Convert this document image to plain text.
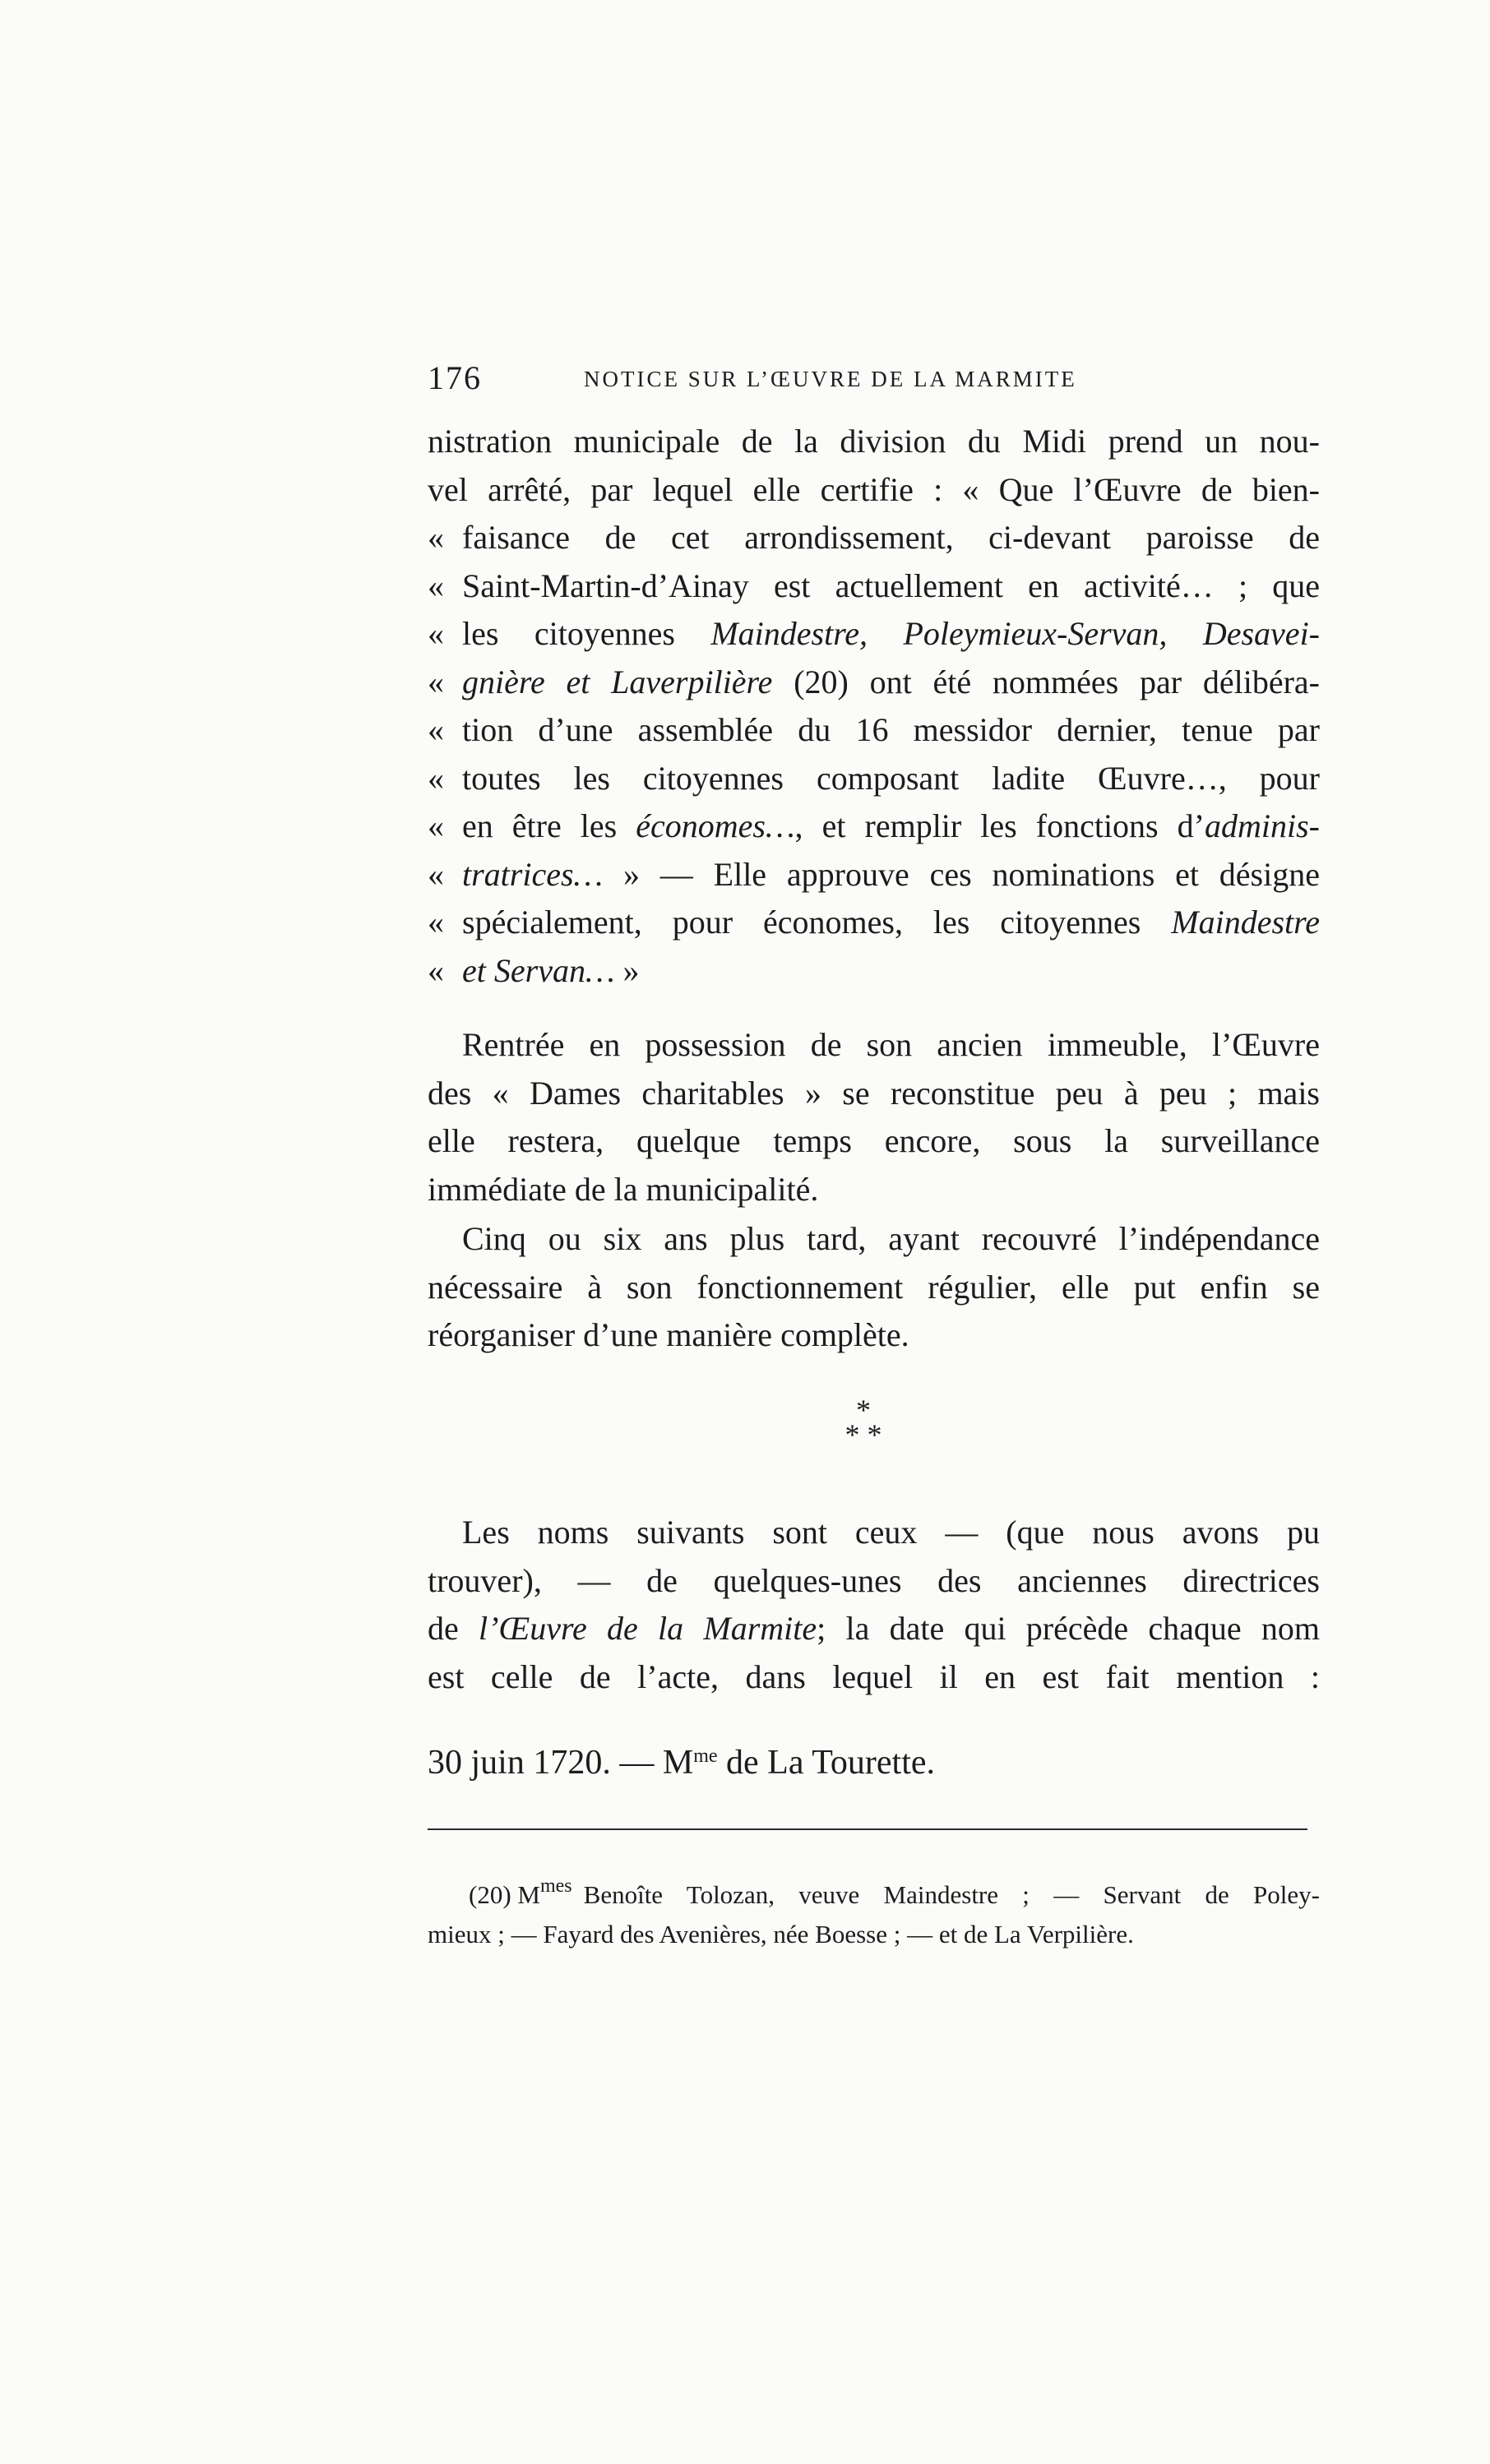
176	NOTICE SUR L’ŒUVRE DE LA MARMITE
nistration municipale de la division du Midi prend un nou-
vel arrêté, par lequel elle certifie : « Que l’Œuvre de bien-
« faisance de cet arrondissement, ci-devant paroisse de
« Saint-Martin-d’Ainay est actuellement en activité… ; que
« les citoyennes Maindestre, Poleymieux-Servan, Desavei-
« gnière et Laverpilière (20) ont été nommées par délibéra-
« tion d’une assemblée du 16 messidor dernier, tenue par
« toutes les citoyennes composant ladite Œuvre…, pour
« en être les économes…, et remplir les fonctions d’adminis-
« tratrices… » — Elle approuve ces nominations et désigne
« spécialement, pour économes, les citoyennes Maindestre
« et Servan… »
Rentrée en possession de son ancien immeuble, l’Œuvre
des « Dames charitables » se reconstitue peu à peu ; mais
elle restera, quelque temps encore, sous la surveillance
immédiate de la municipalité.
Cinq ou six ans plus tard, ayant recouvré l’indépendance
nécessaire à son fonctionnement régulier, elle put enfin se
réorganiser d’une manière complète.
*
* *
Les noms suivants sont ceux — (que nous avons pu
trouver), — de quelques-unes des anciennes directrices
de l’Œuvre de la Marmite; la date qui précède chaque nom
est celle de l’acte, dans lequel il en est fait mention :
30 juin 1720. — $M^{me}$ de La Tourette.
(20) $M^{mes}$ Benoîte Tolozan, veuve Maindestre ; — Servant de Poley-
mieux ; — Fayard des Avenières, née Boesse ; — et de La Verpilière.
